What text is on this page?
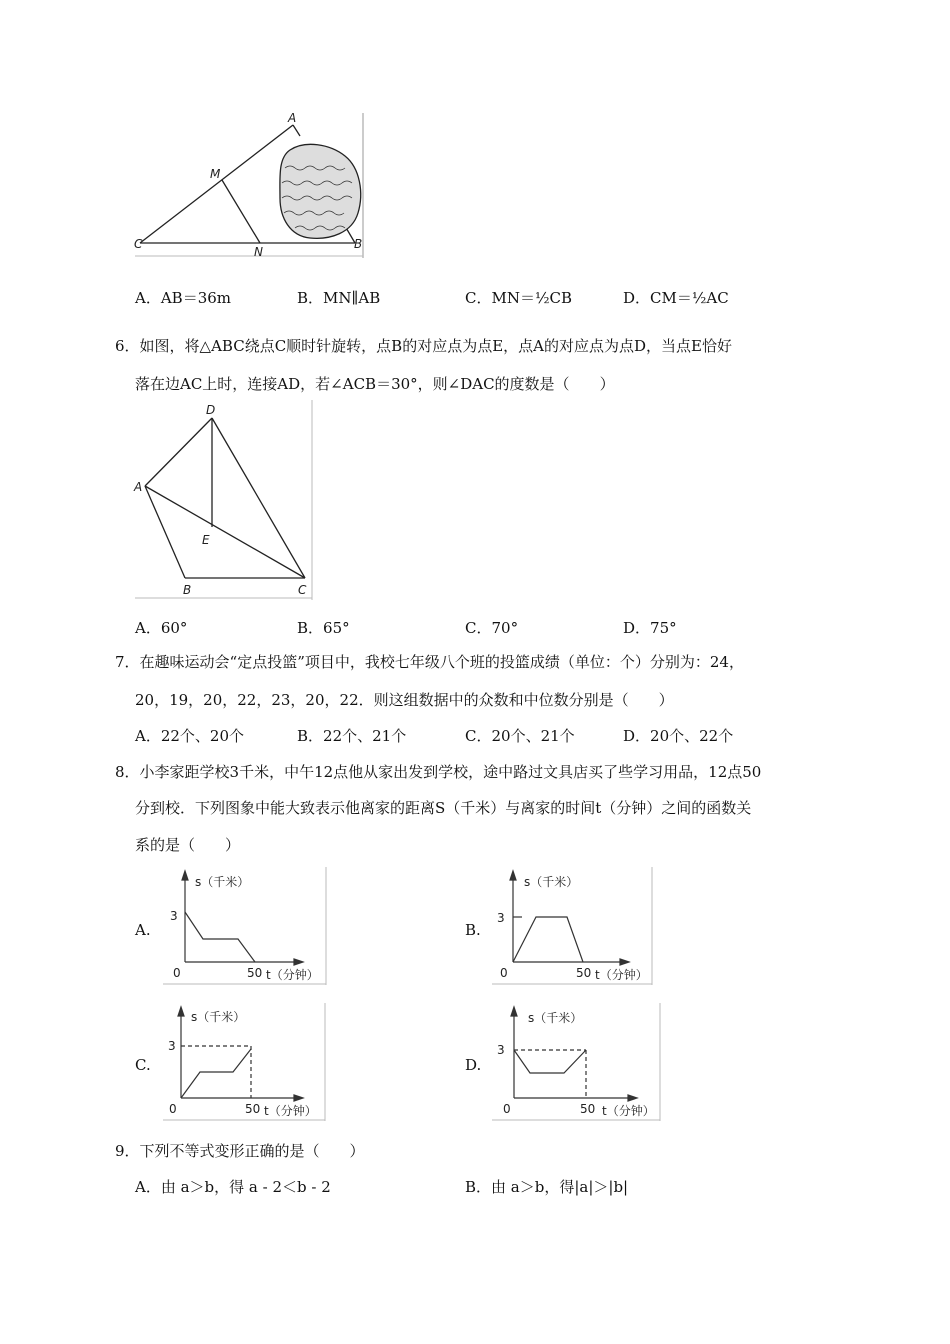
A
M
C
N
B
A．AB＝36m	B．MN∥AB	C．MN＝½CB	D．CM＝½AC
6．如图，将△ABC绕点C顺时针旋转，点B的对应点为点E，点A的对应点为点D，当点E恰好
落在边AC上时，连接AD，若∠ACB＝30°，则∠DAC的度数是（　　）
D
A
E
B	C
A．60°	B．65°	C．70°	D．75°
7．在趣味运动会“定点投篮”项目中，我校七年级八个班的投篮成绩（单位：个）分别为：24，
20，19，20，22，23，20，22．则这组数据中的众数和中位数分别是（　　）
A．22个、20个	B．22个、21个	C．20个、21个	D．20个、22个
8．小李家距学校3千米，中午12点他从家出发到学校，途中路过文具店买了些学习用品，12点50
分到校．下列图象中能大致表示他离家的距离S（千米）与离家的时间t（分钟）之间的函数关
系的是（　　）
A.	B.
C.	D.
s（千米）
3
0	50 t（分钟）
s（千米）
3
0	50 t（分钟）
s（千米）
3
0	50 t（分钟）
s（千米）
3
0	50 t（分钟）
9．下列不等式变形正确的是（　　）
A．由 a＞b，得 a - 2＜b - 2	B．由 a＞b，得|a|＞|b|
